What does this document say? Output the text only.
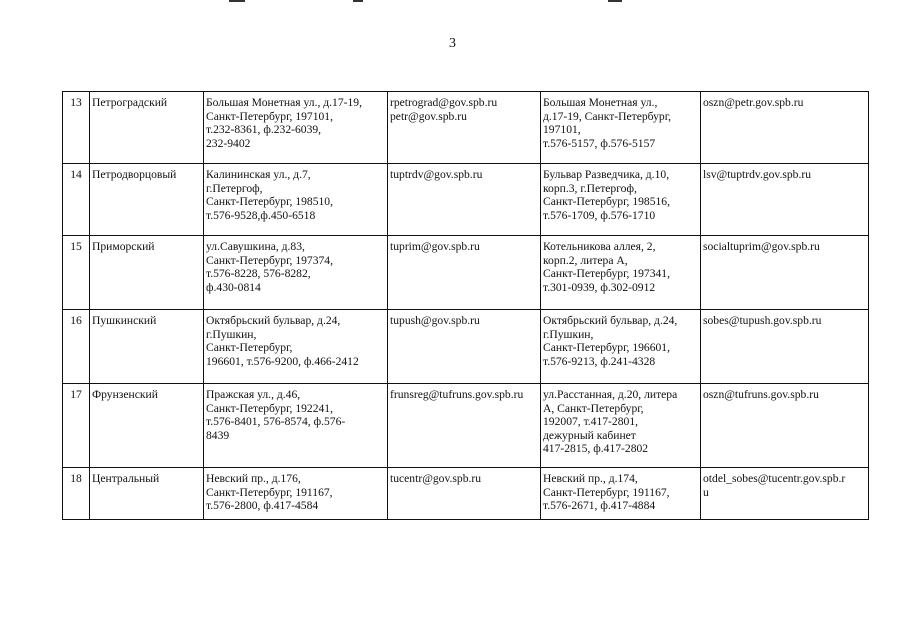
3
13	Петроградский	Большая Монетная ул., д.17-19,
Санкт-Петербург, 197101,
т.232-8361, ф.232-6039,
232-9402	rpetrograd@gov.spb.ru
petr@gov.spb.ru	Большая Монетная ул.,
д.17-19, Санкт-Петербург,
197101,
т.576-5157, ф.576-5157	oszn@petr.gov.spb.ru

14	Петродворцовый	Калининская ул., д.7,
г.Петергоф,
Санкт-Петербург, 198510,
т.576-9528,ф.450-6518	tuptrdv@gov.spb.ru	Бульвар Разведчика, д.10,
корп.3, г.Петергоф,
Санкт-Петербург, 198516,
т.576-1709, ф.576-1710	lsv@tuptrdv.gov.spb.ru

15	Приморский	ул.Савушкина, д.83,
Санкт-Петербург, 197374,
т.576-8228, 576-8282,
ф.430-0814	tuprim@gov.spb.ru	Котельникова аллея, 2,
корп.2, литера А,
Санкт-Петербург, 197341,
т.301-0939, ф.302-0912	socialtuprim@gov.spb.ru

16	Пушкинский	Октябрьский бульвар, д.24,
г.Пушкин,
Санкт-Петербург,
196601, т.576-9200, ф.466-2412	tupush@gov.spb.ru	Октябрьский бульвар, д.24,
г.Пушкин,
Санкт-Петербург, 196601,
т.576-9213, ф.241-4328	sobes@tupush.gov.spb.ru

17	Фрунзенский	Пражская ул., д.46,
Санкт-Петербург, 192241,
т.576-8401, 576-8574, ф.576-
8439	frunsreg@tufruns.gov.spb.ru	ул.Расстанная, д.20, литера
А, Санкт-Петербург,
192007, т.417-2801,
дежурный кабинет
417-2815, ф.417-2802	oszn@tufruns.gov.spb.ru

18	Центральный	Невский пр., д.176,
Санкт-Петербург, 191167,
т.576-2800, ф.417-4584	tucentr@gov.spb.ru	Невский пр., д.174,
Санкт-Петербург, 191167,
т.576-2671, ф.417-4884	otdel_sobes@tucentr.gov.spb.r
u
